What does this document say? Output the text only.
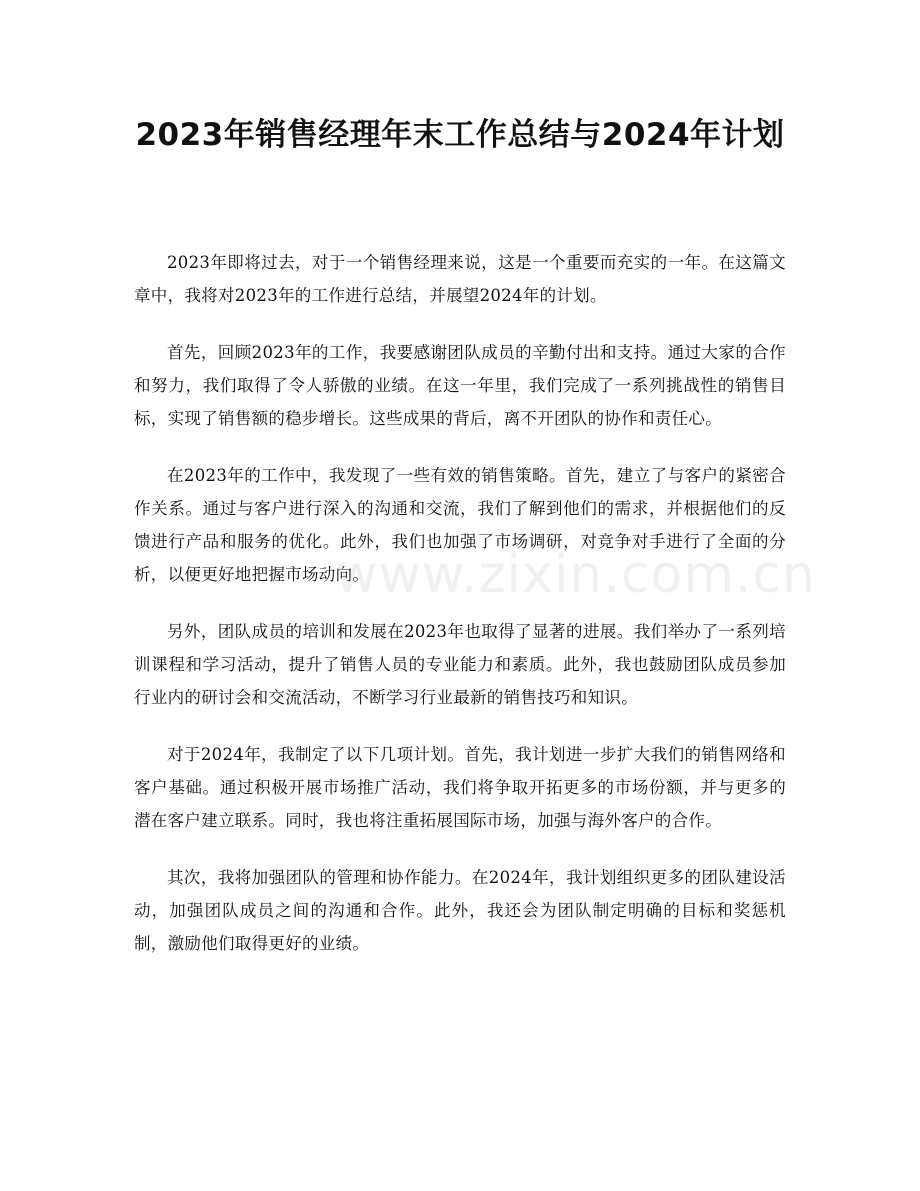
2023年销售经理年末工作总结与2024年计划

2023年即将过去，对于一个销售经理来说，这是一个重要而充实的一年。在这篇文章中，我将对2023年的工作进行总结，并展望2024年的计划。

首先，回顾2023年的工作，我要感谢团队成员的辛勤付出和支持。通过大家的合作和努力，我们取得了令人骄傲的业绩。在这一年里，我们完成了一系列挑战性的销售目标，实现了销售额的稳步增长。这些成果的背后，离不开团队的协作和责任心。

在2023年的工作中，我发现了一些有效的销售策略。首先，建立了与客户的紧密合作关系。通过与客户进行深入的沟通和交流，我们了解到他们的需求，并根据他们的反馈进行产品和服务的优化。此外，我们也加强了市场调研，对竞争对手进行了全面的分析，以便更好地把握市场动向。

另外，团队成员的培训和发展在2023年也取得了显著的进展。我们举办了一系列培训课程和学习活动，提升了销售人员的专业能力和素质。此外，我也鼓励团队成员参加行业内的研讨会和交流活动，不断学习行业最新的销售技巧和知识。

对于2024年，我制定了以下几项计划。首先，我计划进一步扩大我们的销售网络和客户基础。通过积极开展市场推广活动，我们将争取开拓更多的市场份额，并与更多的潜在客户建立联系。同时，我也将注重拓展国际市场，加强与海外客户的合作。

其次，我将加强团队的管理和协作能力。在2024年，我计划组织更多的团队建设活动，加强团队成员之间的沟通和合作。此外，我还会为团队制定明确的目标和奖惩机制，激励他们取得更好的业绩。

www.zixin.com.cn
